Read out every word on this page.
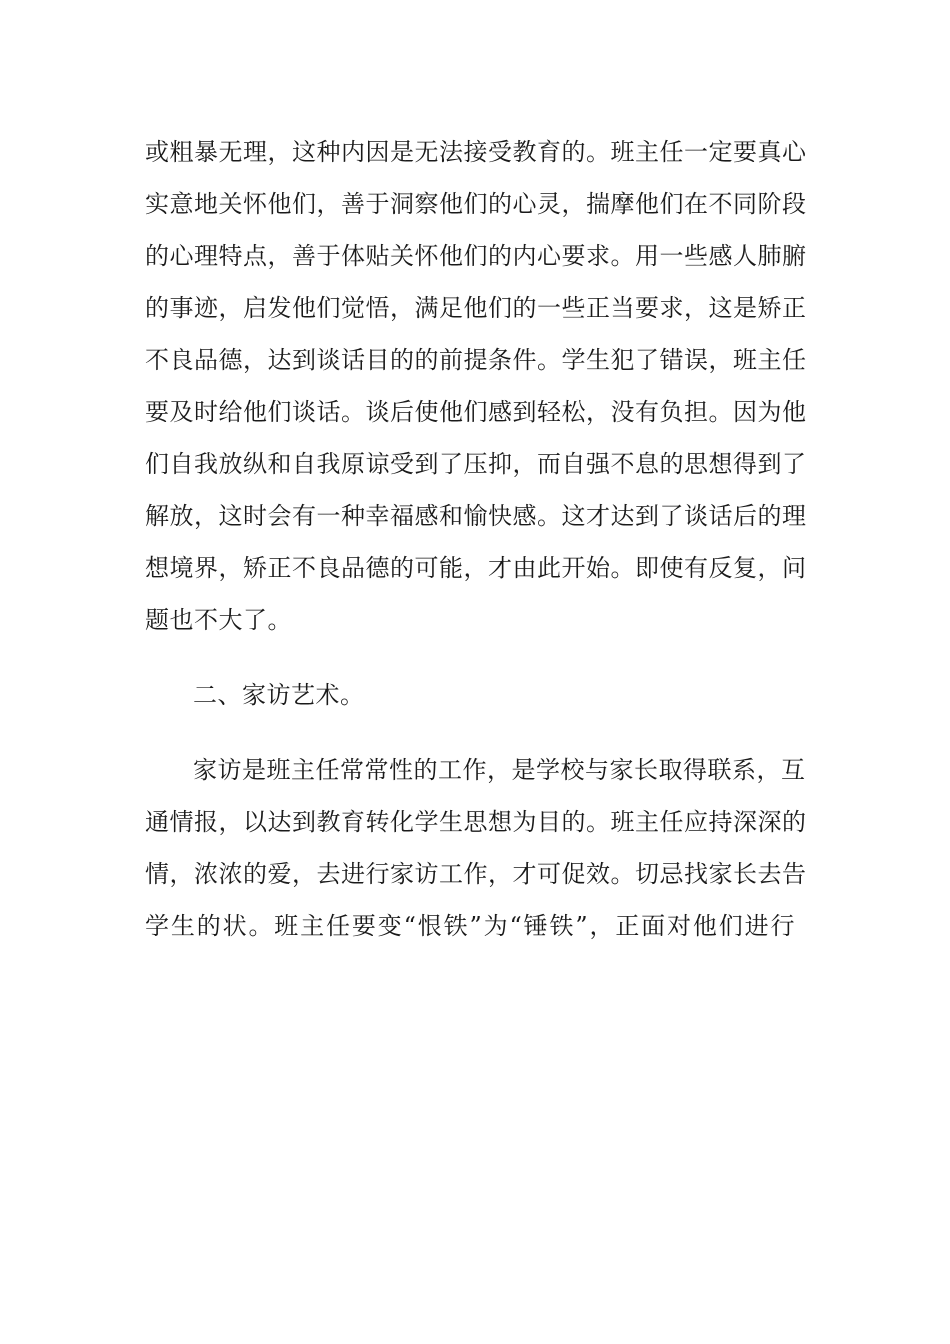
或粗暴无理，这种内因是无法接受教育的。班主任一定要真心
实意地关怀他们，善于洞察他们的心灵，揣摩他们在不同阶段
的心理特点，善于体贴关怀他们的内心要求。用一些感人肺腑
的事迹，启发他们觉悟，满足他们的一些正当要求，这是矫正
不良品德，达到谈话目的的前提条件。学生犯了错误，班主任
要及时给他们谈话。谈后使他们感到轻松，没有负担。因为他
们自我放纵和自我原谅受到了压抑，而自强不息的思想得到了
解放，这时会有一种幸福感和愉快感。这才达到了谈话后的理
想境界，矫正不良品德的可能，才由此开始。即使有反复，问
题也不大了。
二、家访艺术。
家访是班主任常常性的工作，是学校与家长取得联系，互
通情报，以达到教育转化学生思想为目的。班主任应持深深的
情，浓浓的爱，去进行家访工作，才可促效。切忌找家长去告
学生的状。班主任要变“恨铁”为“锤铁”，正面对他们进行
